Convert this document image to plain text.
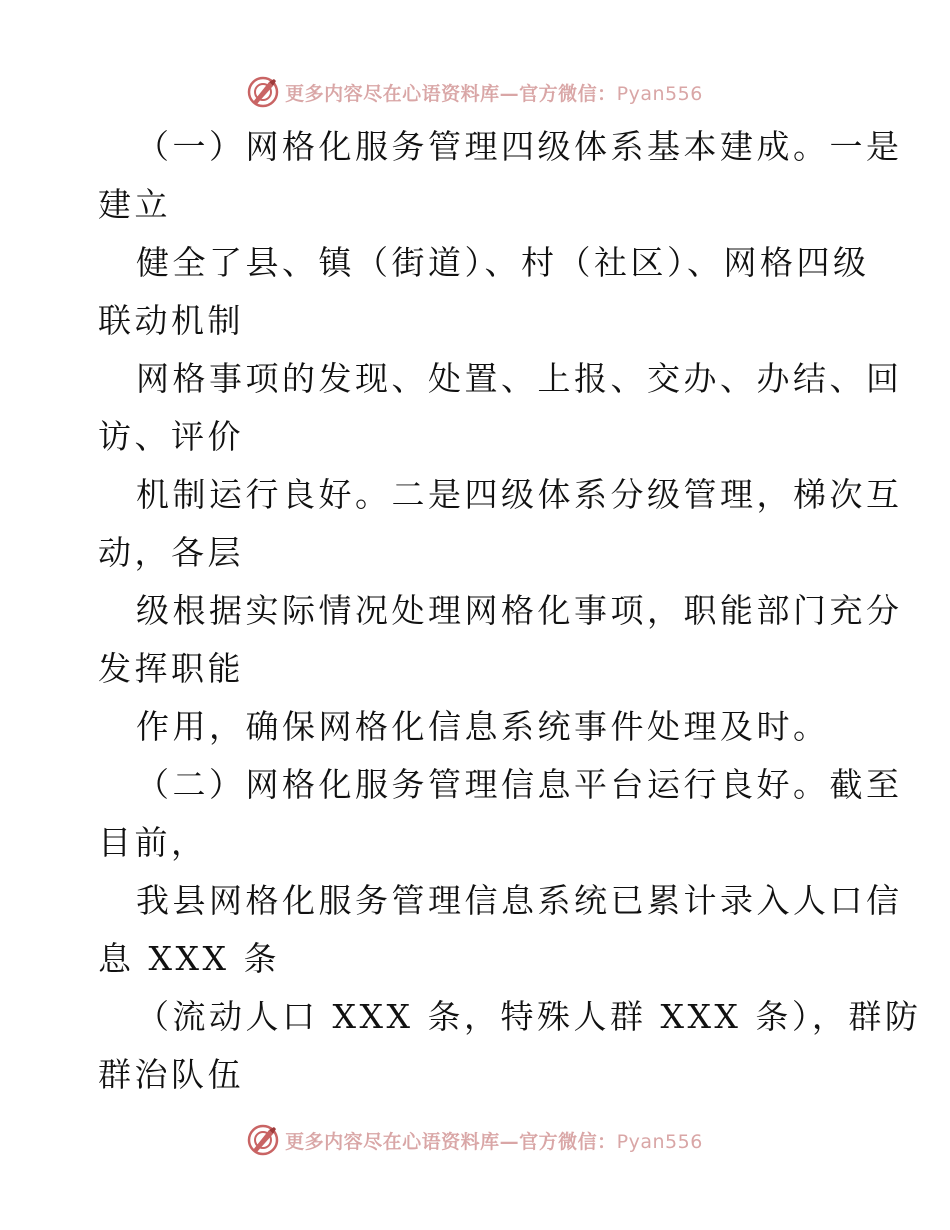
更多内容尽在心语资料库—官方微信：Pyan556
（一）网格化服务管理四级体系基本建成。一是
建立
健全了县、镇（街道）、村（社区）、网格四级
联动机制
网格事项的发现、处置、上报、交办、办结、回
访、评价
机制运行良好。二是四级体系分级管理，梯次互
动，各层
级根据实际情况处理网格化事项，职能部门充分
发挥职能
作用，确保网格化信息系统事件处理及时。
（二）网格化服务管理信息平台运行良好。截至
目前，
我县网格化服务管理信息系统已累计录入人口信
息 XXX 条
（流动人口 XXX 条，特殊人群 XXX 条），群防
群治队伍
更多内容尽在心语资料库—官方微信：Pyan556
